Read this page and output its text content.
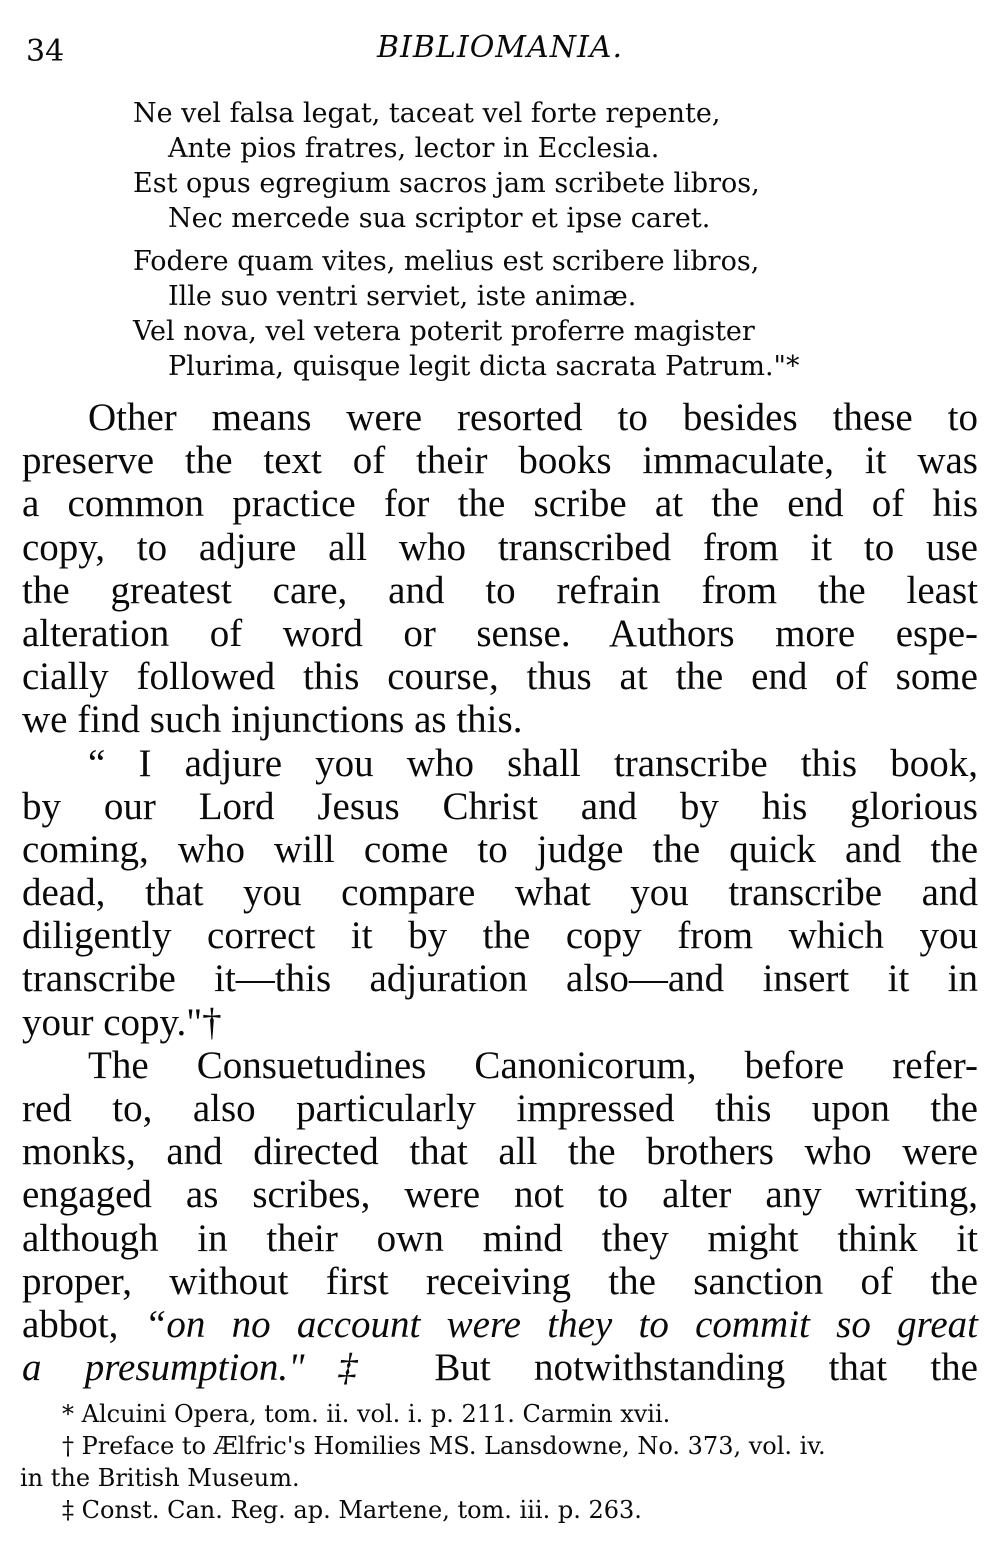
34	BIBLIOMANIA.
Ne vel falsa legat, taceat vel forte repente,
Ante pios fratres, lector in Ecclesia.
Est opus egregium sacros jam scribete libros,
Nec mercede sua scriptor et ipse caret.
Fodere quam vites, melius est scribere libros,
Ille suo ventri serviet, iste animæ.
Vel nova, vel vetera poterit proferre magister
Plurima, quisque legit dicta sacrata Patrum."*
Other means were resorted to besides these to
preserve the text of their books immaculate, it was
a common practice for the scribe at the end of his
copy, to adjure all who transcribed from it to use
the greatest care, and to refrain from the least
alteration of word or sense. Authors more espe-
cially followed this course, thus at the end of some
we find such injunctions as this.
“ I adjure you who shall transcribe this book,
by our Lord Jesus Christ and by his glorious
coming, who will come to judge the quick and the
dead, that you compare what you transcribe and
diligently correct it by the copy from which you
transcribe it—this adjuration also—and insert it in
your copy."†
The Consuetudines Canonicorum, before refer-
red to, also particularly impressed this upon the
monks, and directed that all the brothers who were
engaged as scribes, were not to alter any writing,
although in their own mind they might think it
proper, without first receiving the sanction of the
abbot, “on no account were they to commit so great
a presumption."‡ But notwithstanding that the
* Alcuini Opera, tom. ii. vol. i. p. 211. Carmin xvii.
† Preface to Ælfric's Homilies MS. Lansdowne, No. 373, vol. iv.
in the British Museum.
‡ Const. Can. Reg. ap. Martene, tom. iii. p. 263.
